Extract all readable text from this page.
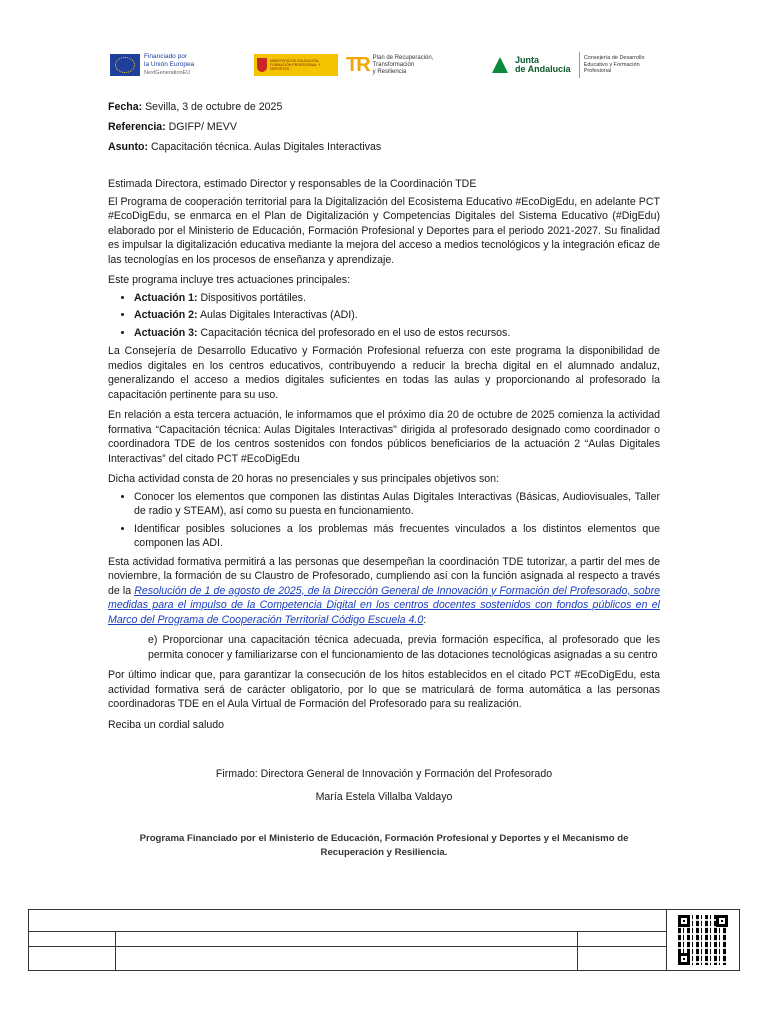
Financiado por
la Unión Europea
NextGenerationEU
MINISTERIO DE EDUCACIÓN, FORMACIÓN PROFESIONAL Y DEPORTES	TR Plan de Recuperación,
Transformación
y Resiliencia
Junta
de Andalucía
Consejería de Desarrollo
Educativo y Formación
Profesional

Fecha: Sevilla, 3 de octubre de 2025

Referencia: DGIFP/ MEVV

Asunto: Capacitación técnica. Aulas Digitales Interactivas

Estimada Directora, estimado Director y responsables de la Coordinación TDE

El Programa de cooperación territorial para la Digitalización del Ecosistema Educativo #EcoDigEdu, en adelante PCT #EcoDigEdu, se enmarca en el Plan de Digitalización y Competencias Digitales del Sistema Educativo (#DigEdu) elaborado por el Ministerio de Educación, Formación Profesional y Deportes para el periodo 2021-2027. Su finalidad es impulsar la digitalización educativa mediante la mejora del acceso a medios tecnológicos y la integración eficaz de las tecnologías en los procesos de enseñanza y aprendizaje.

Este programa incluye tres actuaciones principales:

• Actuación 1: Dispositivos portátiles.
• Actuación 2: Aulas Digitales Interactivas (ADI).
• Actuación 3: Capacitación técnica del profesorado en el uso de estos recursos.

La Consejería de Desarrollo Educativo y Formación Profesional refuerza con este programa la disponibilidad de medios digitales en los centros educativos, contribuyendo a reducir la brecha digital en el alumnado andaluz, generalizando el acceso a medios digitales suficientes en todas las aulas y proporcionando al profesorado la capacitación pertinente para su uso.

En relación a esta tercera actuación, le informamos que el próximo día 20 de octubre de 2025 comienza la actividad formativa “Capacitación técnica: Aulas Digitales Interactivas" dirigida al profesorado designado como coordinador o coordinadora TDE de los centros sostenidos con fondos públicos beneficiarios de la actuación 2 “Aulas Digitales Interactivas” del citado PCT #EcoDigEdu

Dicha actividad consta de 20 horas no presenciales y sus principales objetivos son:

• Conocer los elementos que componen las distintas Aulas Digitales Interactivas (Básicas, Audiovisuales, Taller de radio y STEAM), así como su puesta en funcionamiento.
• Identificar posibles soluciones a los problemas más frecuentes vinculados a los distintos elementos que componen las ADI.

Esta actividad formativa permitirá a las personas que desempeñan la coordinación TDE tutorizar, a partir del mes de noviembre, la formación de su Claustro de Profesorado, cumpliendo así con la función asignada al respecto a través de la Resolución de 1 de agosto de 2025, de la Dirección General de Innovación y Formación del Profesorado, sobre medidas para el impulso de la Competencia Digital en los centros docentes sostenidos con fondos públicos en el Marco del Programa de Cooperación Territorial Código Escuela 4.0:

e) Proporcionar una capacitación técnica adecuada, previa formación específica, al profesorado que les permita conocer y familiarizarse con el funcionamiento de las dotaciones tecnológicas asignadas a su centro

Por último indicar que, para garantizar la consecución de los hitos establecidos en el citado PCT #EcoDigEdu, esta actividad formativa será de carácter obligatorio, por lo que se matriculará de forma automática a las personas coordinadoras TDE en el Aula Virtual de Formación del Profesorado para su realización.

Reciba un cordial saludo

Firmado: Directora General de Innovación y Formación del Profesorado
María Estela Villalba Valdayo
Programa Financiado por el Ministerio de Educación, Formación Profesional y Deportes y el Mecanismo de
Recuperación y Resiliencia.
